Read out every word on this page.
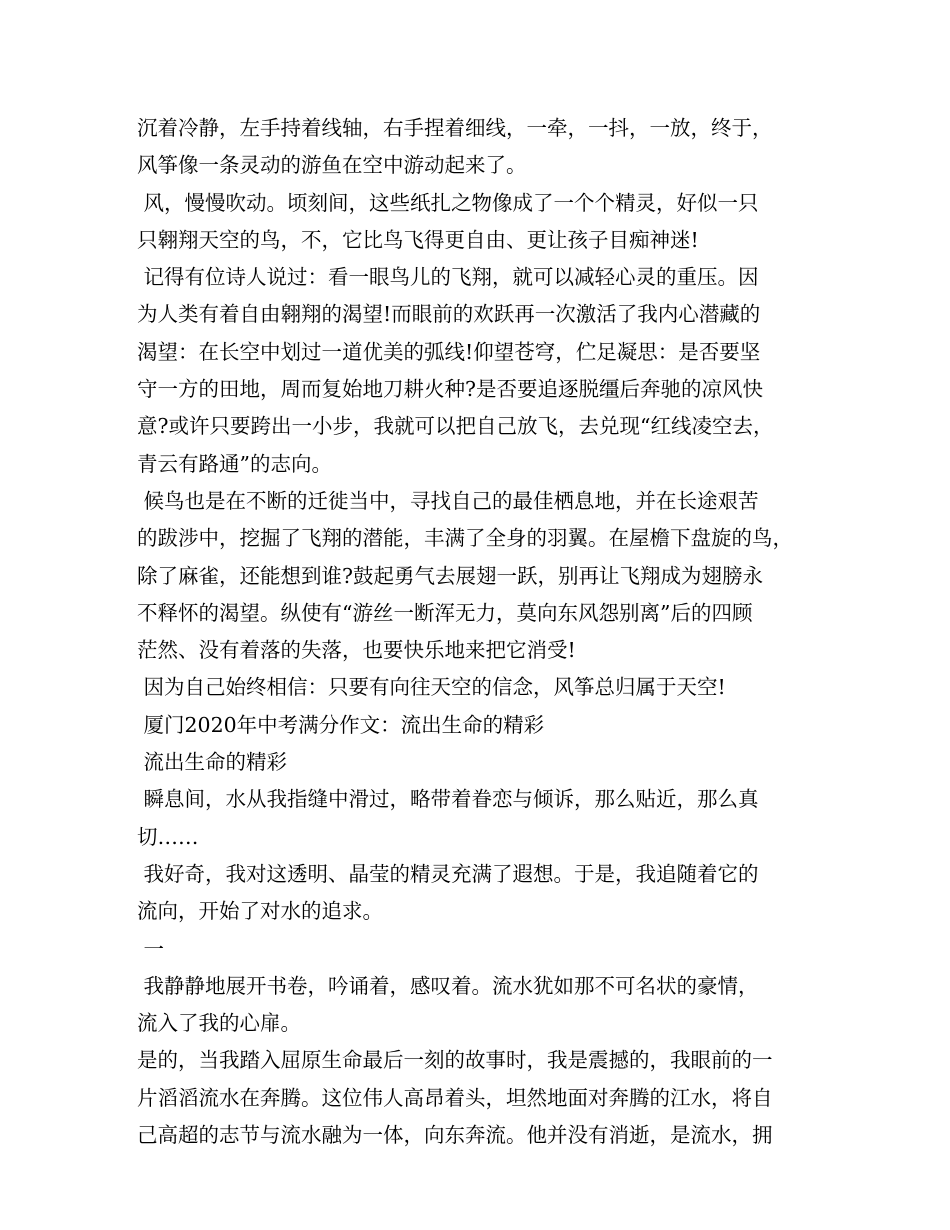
沉着冷静，左手持着线轴，右手捏着细线，一牵，一抖，一放，终于，
风筝像一条灵动的游鱼在空中游动起来了。
风，慢慢吹动。顷刻间，这些纸扎之物像成了一个个精灵，好似一只
只翱翔天空的鸟，不，它比鸟飞得更自由、更让孩子目痴神迷!
记得有位诗人说过：看一眼鸟儿的飞翔，就可以减轻心灵的重压。因
为人类有着自由翱翔的渴望!而眼前的欢跃再一次激活了我内心潜藏的
渴望：在长空中划过一道优美的弧线!仰望苍穹，伫足凝思：是否要坚
守一方的田地，周而复始地刀耕火种?是否要追逐脱缰后奔驰的凉风快
意?或许只要跨出一小步，我就可以把自己放飞，去兑现“红线凌空去，
青云有路通”的志向。
候鸟也是在不断的迁徙当中，寻找自己的最佳栖息地，并在长途艰苦
的跋涉中，挖掘了飞翔的潜能，丰满了全身的羽翼。在屋檐下盘旋的鸟，
除了麻雀，还能想到谁?鼓起勇气去展翅一跃，别再让飞翔成为翅膀永
不释怀的渴望。纵使有“游丝一断浑无力，莫向东风怨别离”后的四顾
茫然、没有着落的失落，也要快乐地来把它消受!
因为自己始终相信：只要有向往天空的信念，风筝总归属于天空!
厦门2020年中考满分作文：流出生命的精彩
流出生命的精彩
瞬息间，水从我指缝中滑过，略带着眷恋与倾诉，那么贴近，那么真
切……
我好奇，我对这透明、晶莹的精灵充满了遐想。于是，我追随着它的
流向，开始了对水的追求。
一
我静静地展开书卷，吟诵着，感叹着。流水犹如那不可名状的豪情，
流入了我的心扉。
是的，当我踏入屈原生命最后一刻的故事时，我是震撼的，我眼前的一
片滔滔流水在奔腾。这位伟人高昂着头，坦然地面对奔腾的江水，将自
己高超的志节与流水融为一体，向东奔流。他并没有消逝，是流水，拥
